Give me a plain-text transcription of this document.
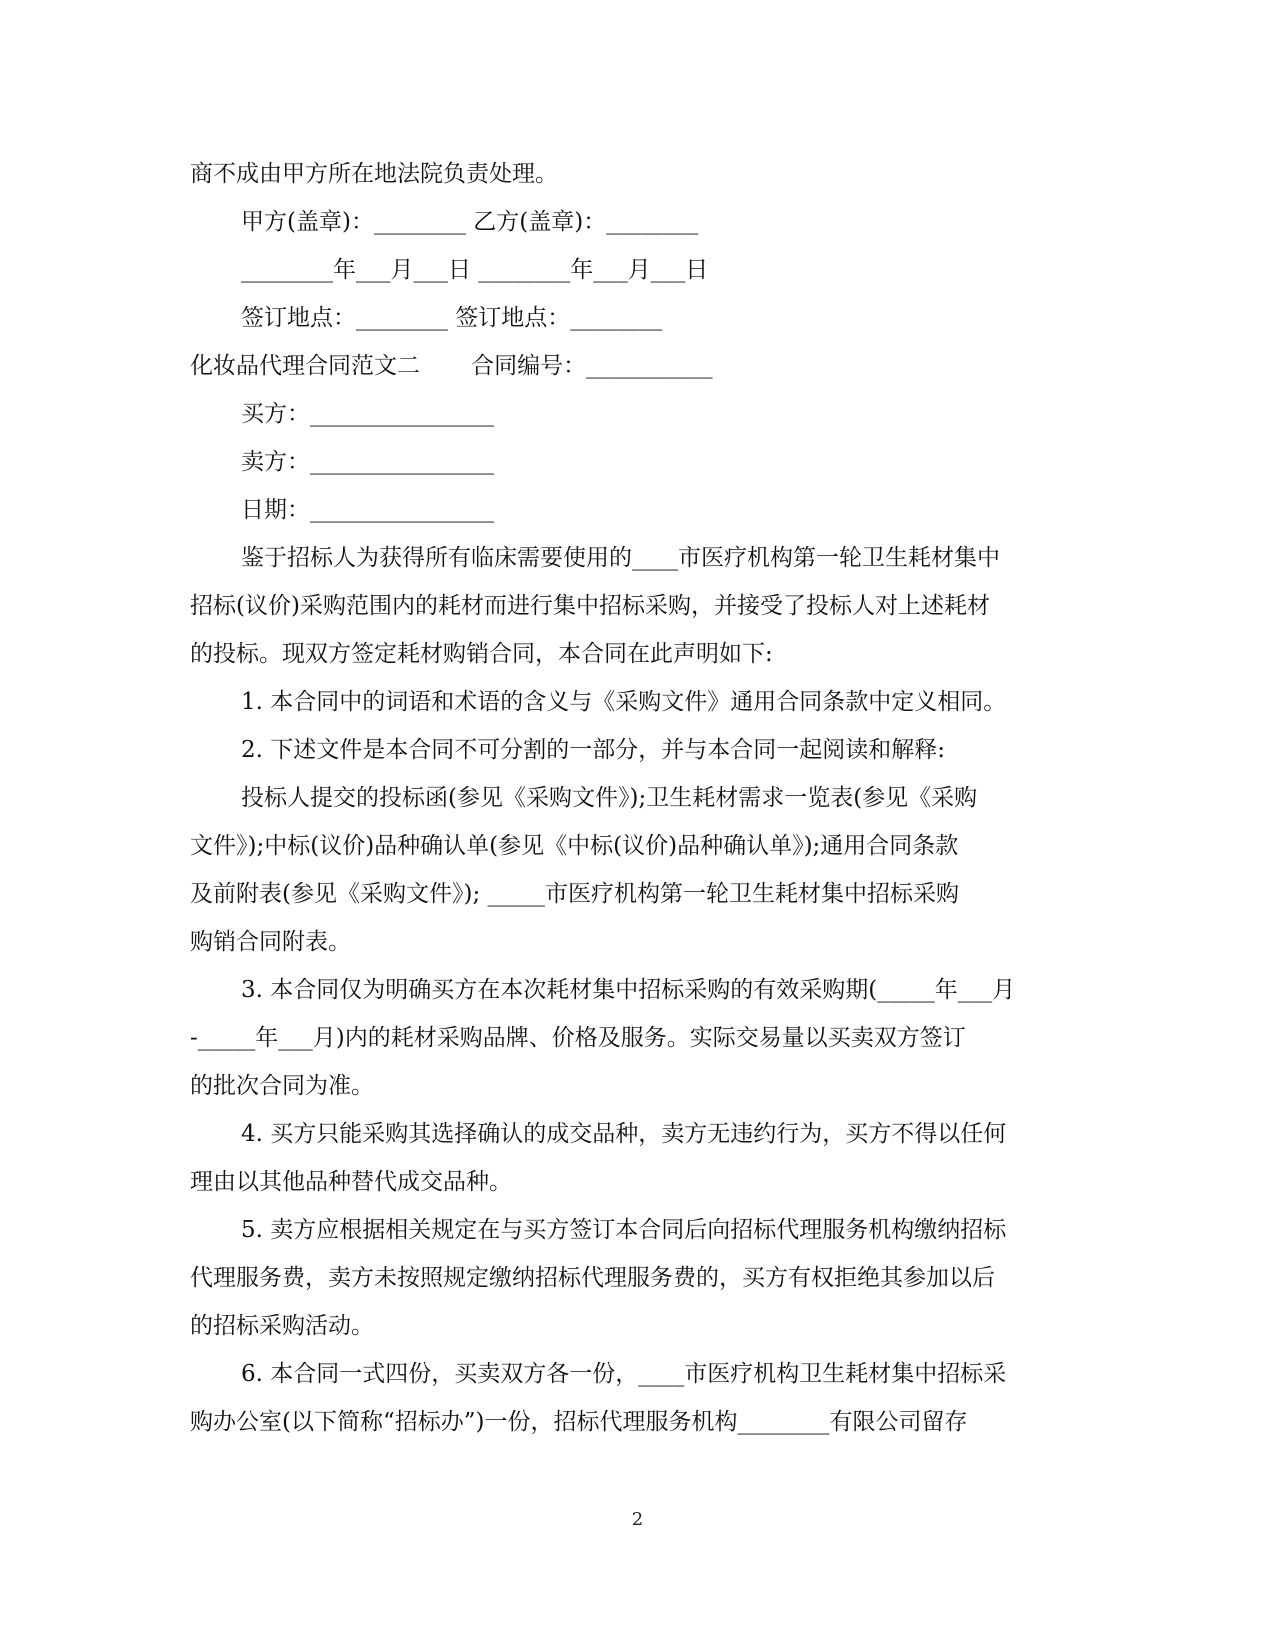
商不成由甲方所在地法院负责处理。
甲方(盖章)：________ 乙方(盖章)：________
________年___月___日 ________年___月___日
签订地点：________ 签订地点：________
化妆品代理合同范文二       合同编号：___________
买方：________________
卖方：________________
日期：________________
鉴于招标人为获得所有临床需要使用的____市医疗机构第一轮卫生耗材集中
招标(议价)采购范围内的耗材而进行集中招标采购，并接受了投标人对上述耗材
的投标。现双方签定耗材购销合同，本合同在此声明如下:
1. 本合同中的词语和术语的含义与《采购文件》通用合同条款中定义相同。
2. 下述文件是本合同不可分割的一部分，并与本合同一起阅读和解释:
投标人提交的投标函(参见《采购文件》);卫生耗材需求一览表(参见《采购
文件》);中标(议价)品种确认单(参见《中标(议价)品种确认单》);通用合同条款
及前附表(参见《采购文件》); _____市医疗机构第一轮卫生耗材集中招标采购
购销合同附表。
3. 本合同仅为明确买方在本次耗材集中招标采购的有效采购期(_____年___月
-_____年___月)内的耗材采购品牌、价格及服务。实际交易量以买卖双方签订
的批次合同为准。
4. 买方只能采购其选择确认的成交品种，卖方无违约行为，买方不得以任何
理由以其他品种替代成交品种。
5. 卖方应根据相关规定在与买方签订本合同后向招标代理服务机构缴纳招标
代理服务费，卖方未按照规定缴纳招标代理服务费的，买方有权拒绝其参加以后
的招标采购活动。
6. 本合同一式四份，买卖双方各一份，____市医疗机构卫生耗材集中招标采
购办公室(以下简称“招标办”)一份，招标代理服务机构________有限公司留存
2
